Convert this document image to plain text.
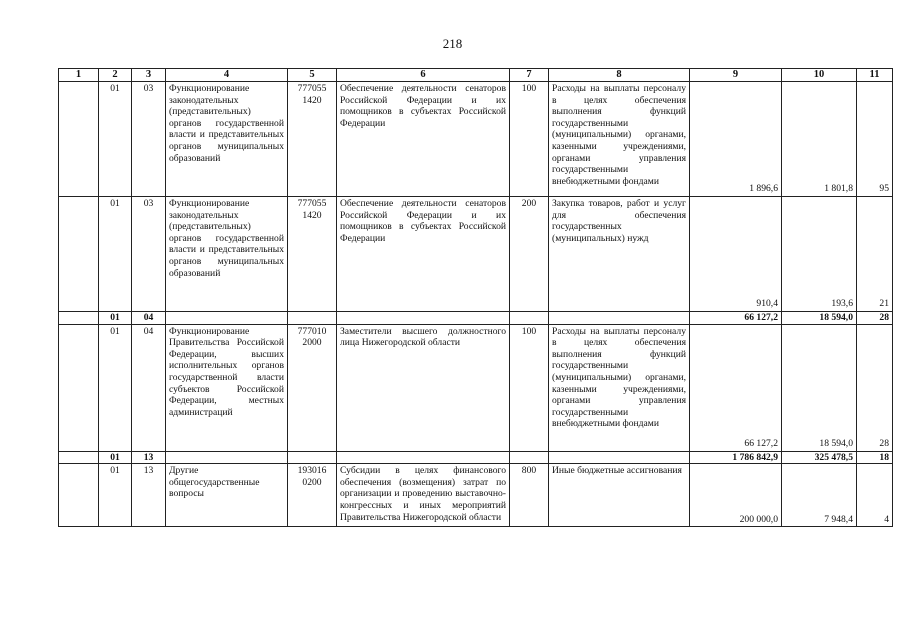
218
1	2	3	4	5	6	7	8	9	10	11
	01	03	Функционирование законодательных (представительных) органов государственной власти и представительных органов муниципальных образований	777055 1420	Обеспечение деятельности сенаторов Российской Федерации и их помощников в субъектах Российской Федерации	100	Расходы на выплаты персоналу в целях обеспечения выполнения функций государственными (муниципальными) органами, казенными учреждениями, органами управления государственными внебюджетными фондами	1 896,6	1 801,8	95
	01	03	Функционирование законодательных (представительных) органов государственной власти и представительных органов муниципальных образований	777055 1420	Обеспечение деятельности сенаторов Российской Федерации и их помощников в субъектах Российской Федерации	200	Закупка товаров, работ и услуг для обеспечения государственных (муниципальных) нужд	910,4	193,6	21
	01	04						66 127,2	18 594,0	28
	01	04	Функционирование Правительства Российской Федерации, высших исполнительных органов государственной власти субъектов Российской Федерации, местных администраций	777010 2000	Заместители высшего должностного лица Нижегородской области	100	Расходы на выплаты персоналу в целях обеспечения выполнения функций государственными (муниципальными) органами, казенными учреждениями, органами управления государственными внебюджетными фондами	66 127,2	18 594,0	28
	01	13						1 786 842,9	325 478,5	18
	01	13	Другие общегосударственные вопросы	193016 0200	Субсидии в целях финансового обеспечения (возмещения) затрат по организации и проведению выставочно-конгрессных и иных мероприятий Правительства Нижегородской области	800	Иные бюджетные ассигнования	200 000,0	7 948,4	4
